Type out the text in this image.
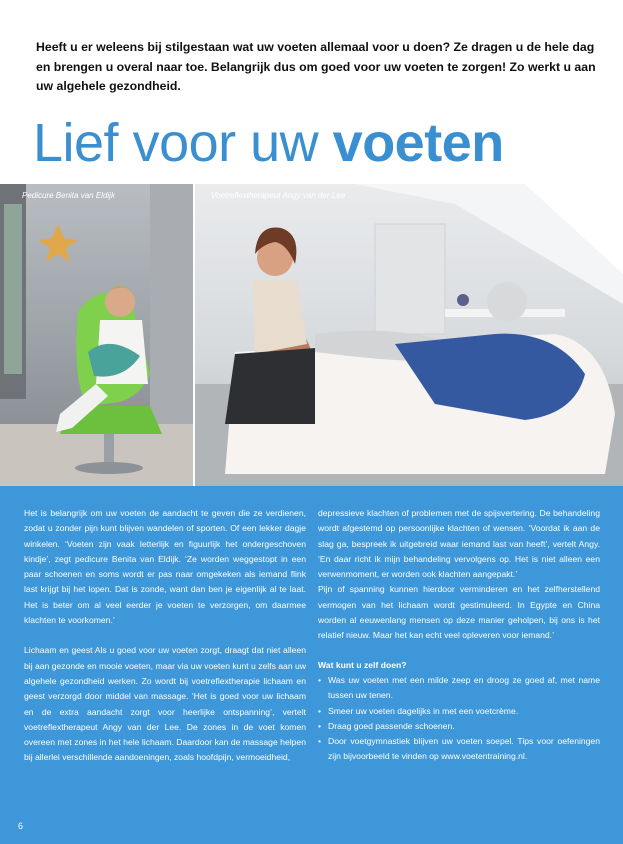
Heeft u er weleens bij stilgestaan wat uw voeten allemaal voor u doen? Ze dragen u de hele dag en brengen u overal naar toe. Belangrijk dus om goed voor uw voeten te zorgen! Zo werkt u aan uw algehele gezondheid.

Lief voor uw voeten
Pedicure Benita van Eldijk	Voetreflextherapeut Angy van der Lee

Het is belangrijk om uw voeten de aandacht te geven die ze verdienen, zodat u zonder pijn kunt blijven wandelen of sporten. Of een lekker dagje winkelen. ‘Voeten zijn vaak letterlijk en figuurlijk het ondergeschoven kindje’, zegt pedicure Benita van Eldijk. ‘Ze worden weggestopt in een paar schoenen en soms wordt er pas naar omgekeken als iemand flink last krijgt bij het lopen. Dat is zonde, want dan ben je eigenlijk al te laat. Het is beter om al veel eerder je voeten te verzorgen, om daarmee klachten te voorkomen.’

Lichaam en geest Als u goed voor uw voeten zorgt, draagt dat niet alleen bij aan gezonde en mooie voeten, maar via uw voeten kunt u zelfs aan uw algehele gezondheid werken. Zo wordt bij voetreflextherapie lichaam en geest verzorgd door middel van massage. ‘Het is goed voor uw lichaam en de extra aandacht zorgt voor heerlijke ontspanning’, vertelt voetreflextherapeut Angy van der Lee. De zones in de voet komen overeen met zones in het hele lichaam. Daardoor kan de massage helpen bij allerlei verschillende aandoeningen, zoals hoofdpijn, vermoeidheid,

depressieve klachten of problemen met de spijsvertering. De behandeling wordt afgestemd op persoonlijke klachten of wensen. ‘Voordat ik aan de slag ga, bespreek ik uitgebreid waar iemand last van heeft’, vertelt Angy. ‘En daar richt ik mijn behandeling vervolgens op. Het is niet alleen een verwenmoment, er worden ook klachten aangepakt.’

Pijn of spanning kunnen hierdoor verminderen en het zelfherstellend vermogen van het lichaam wordt gestimuleerd. In Egypte en China worden al eeuwenlang mensen op deze manier geholpen, bij ons is het relatief nieuw. Maar het kan echt veel opleveren voor iemand.’

Wat kunt u zelf doen?
• Was uw voeten met een milde zeep en droog ze goed af, met name tussen uw tenen.
• Smeer uw voeten dagelijks in met een voetcrème.
• Draag goed passende schoenen.
• Door voetgymnastiek blijven uw voeten soepel. Tips voor oefeningen zijn bijvoorbeeld te vinden op www.voetentraining.nl.
6
